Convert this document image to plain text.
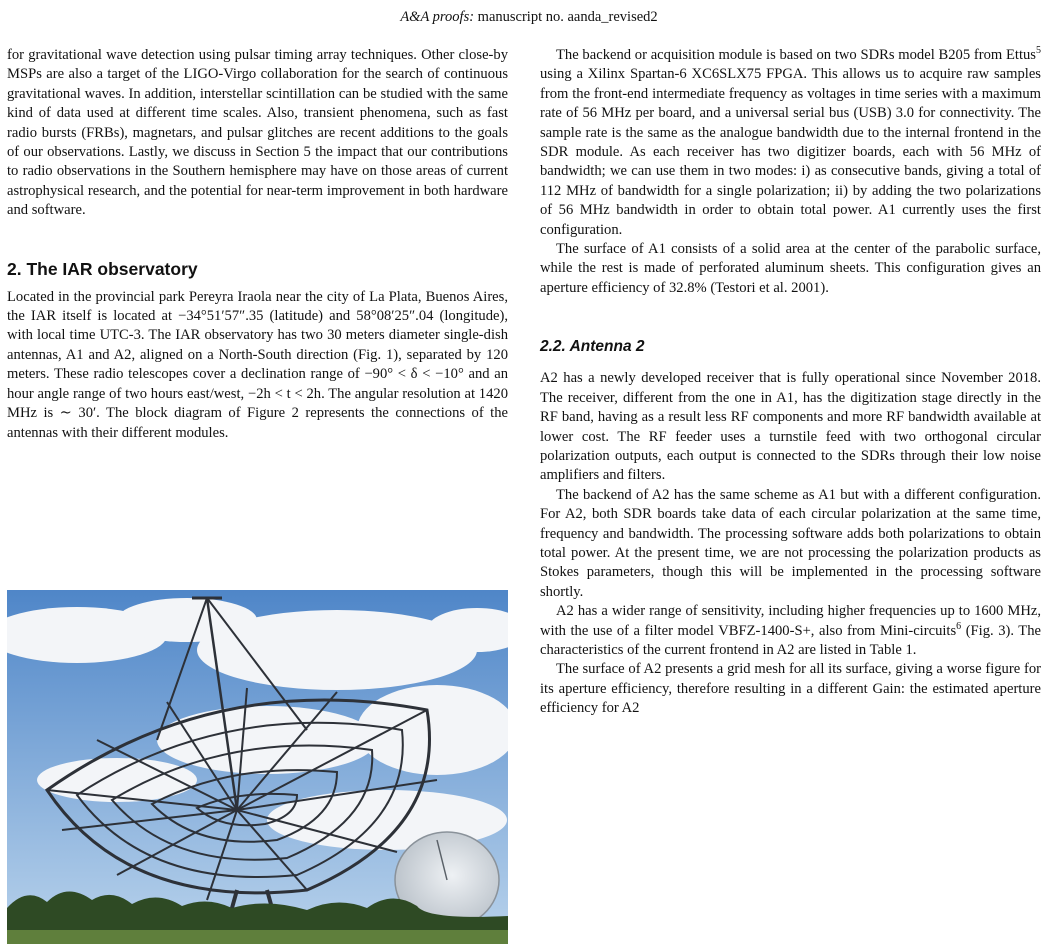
A&A proofs: manuscript no. aanda_revised2

for gravitational wave detection using pulsar timing array techniques. Other close-by MSPs are also a target of the LIGO-Virgo collaboration for the search of continuous gravitational waves. In addition, interstellar scintillation can be studied with the same kind of data used at different time scales. Also, transient phenomena, such as fast radio bursts (FRBs), magnetars, and pulsar glitches are recent additions to the goals of our observations. Lastly, we discuss in Section 5 the impact that our contributions to radio observations in the Southern hemisphere may have on those areas of current astrophysical research, and the potential for near-term improvement in both hardware and software.

2. The IAR observatory

Located in the provincial park Pereyra Iraola near the city of La Plata, Buenos Aires, the IAR itself is located at −34°51′57″.35 (latitude) and 58°08′25″.04 (longitude), with local time UTC-3. The IAR observatory has two 30 meters diameter single-dish antennas, A1 and A2, aligned on a North-South direction (Fig. 1), separated by 120 meters. These radio telescopes cover a declination range of −90° < δ < −10° and an hour angle range of two hours east/west, −2h < t < 2h. The angular resolution at 1420 MHz is ∼ 30′. The block diagram of Figure 2 represents the connections of the antennas with their different modules.

The backend or acquisition module is based on two SDRs model B205 from Ettus$^5$ using a Xilinx Spartan-6 XC6SLX75 FPGA. This allows us to acquire raw samples from the front-end intermediate frequency as voltages in time series with a maximum rate of 56 MHz per board, and a universal serial bus (USB) 3.0 for connectivity. The sample rate is the same as the analogue bandwidth due to the internal frontend in the SDR module. As each receiver has two digitizer boards, each with 56 MHz of bandwidth; we can use them in two modes: i) as consecutive bands, giving a total of 112 MHz of bandwidth for a single polarization; ii) by adding the two polarizations of 56 MHz bandwidth in order to obtain total power. A1 currently uses the first configuration.

The surface of A1 consists of a solid area at the center of the parabolic surface, while the rest is made of perforated aluminum sheets. This configuration gives an aperture efficiency of 32.8% (Testori et al. 2001).

2.2. Antenna 2

A2 has a newly developed receiver that is fully operational since November 2018. The receiver, different from the one in A1, has the digitization stage directly in the RF band, having as a result less RF components and more RF bandwidth available at lower cost. The RF feeder uses a turnstile feed with two orthogonal circular polarization outputs, each output is connected to the SDRs through their low noise amplifiers and filters.

The backend of A2 has the same scheme as A1 but with a different configuration. For A2, both SDR boards take data of each circular polarization at the same time, frequency and bandwidth. The processing software adds both polarizations to obtain total power. At the present time, we are not processing the polarization products as Stokes parameters, though this will be implemented in the processing software shortly.

A2 has a wider range of sensitivity, including higher frequencies up to 1600 MHz, with the use of a filter model VBFZ-1400-S+, also from Mini-circuits$^6$ (Fig. 3). The characteristics of the current frontend in A2 are listed in Table 1.

The surface of A2 presents a grid mesh for all its surface, giving a worse figure for its aperture efficiency, therefore resulting in a different Gain: the estimated aperture efficiency for A2
